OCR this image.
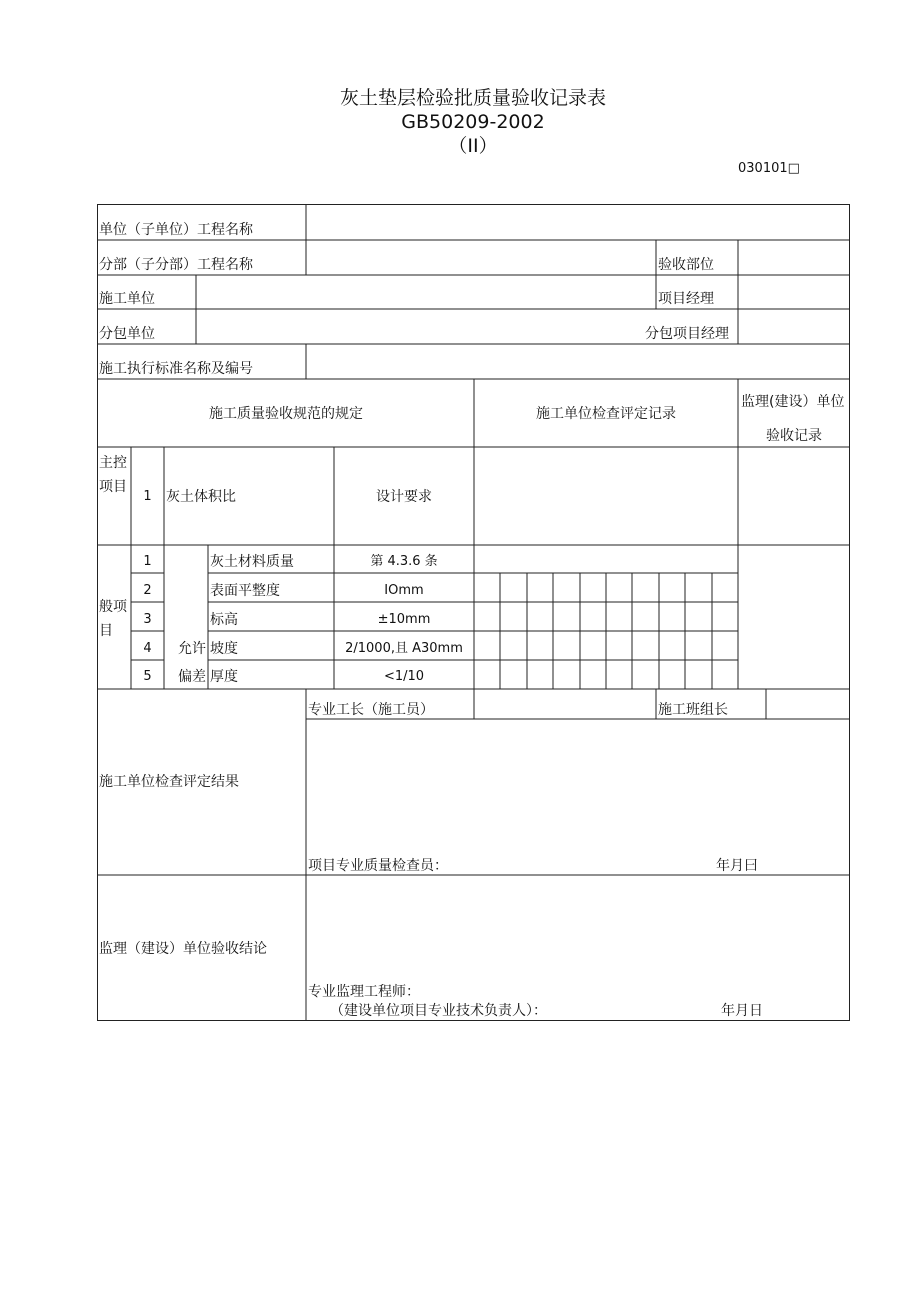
灰土垫层检验批质量验收记录表
GB50209-2002
（II）
030101□
单位（子单位）工程名称
分部（子分部）工程名称	验收部位
施工单位	项目经理
分包单位	分包项目经理
施工执行标准名称及编号
施工质量验收规范的规定	施工单位检查评定记录
监理(建设）单位
验收记录
主控
项目
1	灰土体积比	设计要求
般项
目
允许
偏差
1	灰土材料质量	第 4.3.6 条
2	表面平整度	IOmm
3	标高	±10mm
4	坡度	2/1000,且 A30mm
5	厚度	<1/10
施工单位检查评定结果
专业工长（施工员）	施工班组长
项目专业质量检查员：	年月曰
监理（建设）单位验收结论
专业监理工程师：
（建设单位项目专业技术负责人）：	年月日
